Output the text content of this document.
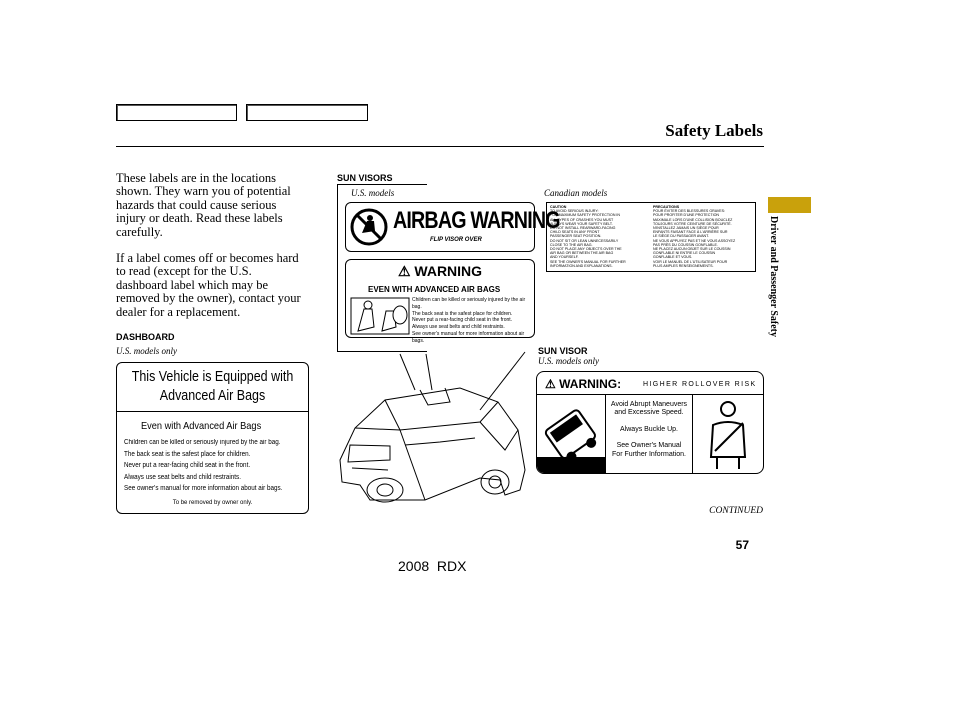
Safety Labels
These labels are in the locations
shown. They warn you of potential
hazards that could cause serious
injury or death. Read these labels
carefully.
If a label comes off or becomes hard
to read (except for the U.S.
dashboard label which may be
removed by the owner), contact your
dealer for a replacement.
SUN VISORS
U.S. models	Canadian models
AIRBAG WARNING
FLIP VISOR OVER
⚠ WARNING
EVEN WITH ADVANCED AIR BAGS
Children can be killed or seriously injured by the air bag.
The back seat is the safest place for children.
Never put a rear-facing child seat in the front.
Always use seat belts and child restraints.
See owner's manual for more information about air bags.
CAUTION
TO AVOID SERIOUS INJURY:
FOR MAXIMUM SAFETY PROTECTION IN
ALL TYPES OF CRASHES YOU MUST
ALWAYS WEAR YOUR SAFETY BELT.
DO NOT INSTALL REARWARD-FACING
CHILD SEATS IN ANY FRONT
PASSENGER SEAT POSITION.
DO NOT SIT OR LEAN UNNECESSARILY
CLOSE TO THE AIR BAG.
DO NOT PLACE ANY OBJECTS OVER THE
AIR BAG OR BETWEEN THE AIR BAG
AND YOURSELF.
SEE THE OWNER'S MANUAL FOR FURTHER
INFORMATION AND EXPLANATIONS.
PRECAUTIONS
POUR ÉVITER DES BLESSURES GRAVES:
POUR PROFITER D'UNE PROTECTION
MAXIMALE LORS D'UNE COLLISION BOUCLEZ
TOUJOURS VOTRE CEINTURE DE SÉCURITÉ.
N'INSTALLEZ JAMAIS UN SIÈGE POUR
ENFANTS FAISANT FACE À L'ARRIÈRE SUR
LE SIÈGE DU PASSAGER AVANT.
NE VOUS APPUYEZ PAS ET NE VOUS ASSOYEZ
PAS PRÈS DU COUSSIN GONFLABLE.
NE PLACEZ AUCUN OBJET SUR LE COUSSIN
GONFLABLE NI ENTRE LE COUSSIN
GONFLABLE ET VOUS.
VOIR LE MANUEL DE L'UTILISATEUR POUR
PLUS AMPLES RENSEIGNEMENTS.
DASHBOARD
U.S. models only
This Vehicle is Equipped with
Advanced Air Bags
Even with Advanced Air Bags
Children can be killed or seriously injured by the air bag.
The back seat is the safest place for children.
Never put a rear-facing child seat in the front.
Always use seat belts and child restraints.
See owner's manual for more information about air bags.
To be removed by owner only.
SUN VISOR
U.S. models only
⚠ WARNING:	HIGHER ROLLOVER RISK
Avoid Abrupt Maneuvers
and Excessive Speed.
Always Buckle Up.
See Owner's Manual
For Further Information.
CONTINUED
57
2008  RDX
Driver and Passenger Safety
